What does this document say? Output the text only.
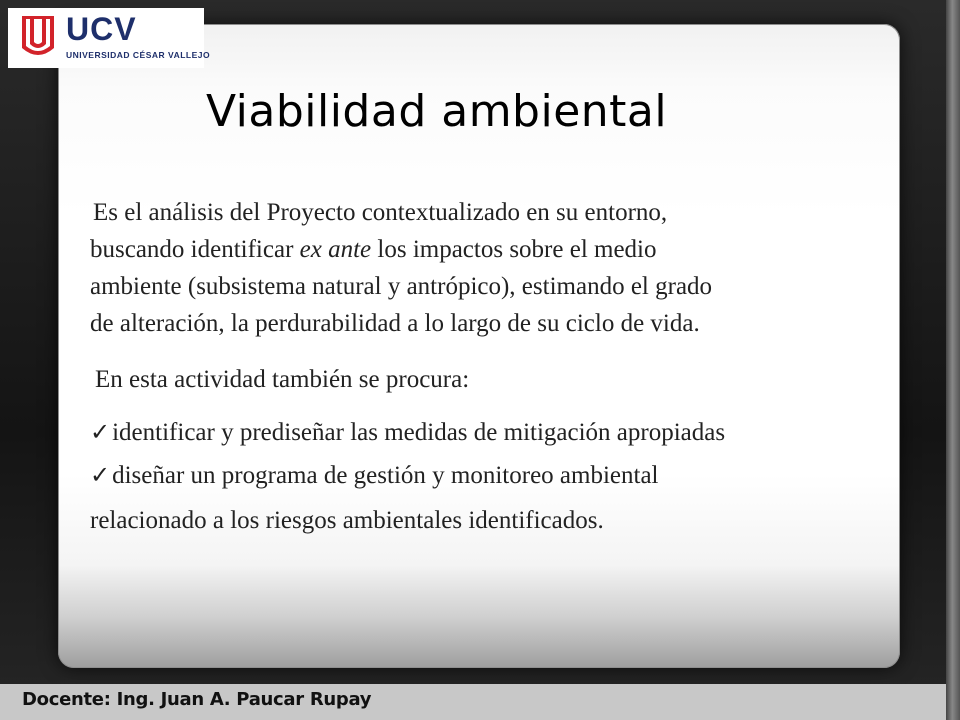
UCV
UNIVERSIDAD CÉSAR VALLEJO
Viabilidad ambiental
Es el análisis del Proyecto contextualizado en su entorno,
buscando identificar ex ante los impactos sobre el medio
ambiente (subsistema natural y antrópico), estimando el grado
de alteración, la perdurabilidad a lo largo de su ciclo de vida.
En esta actividad también se procura:
✓identificar y prediseñar las medidas de mitigación apropiadas
✓diseñar un programa de gestión y monitoreo ambiental
relacionado a los riesgos ambientales identificados.
Docente: Ing. Juan A. Paucar Rupay
